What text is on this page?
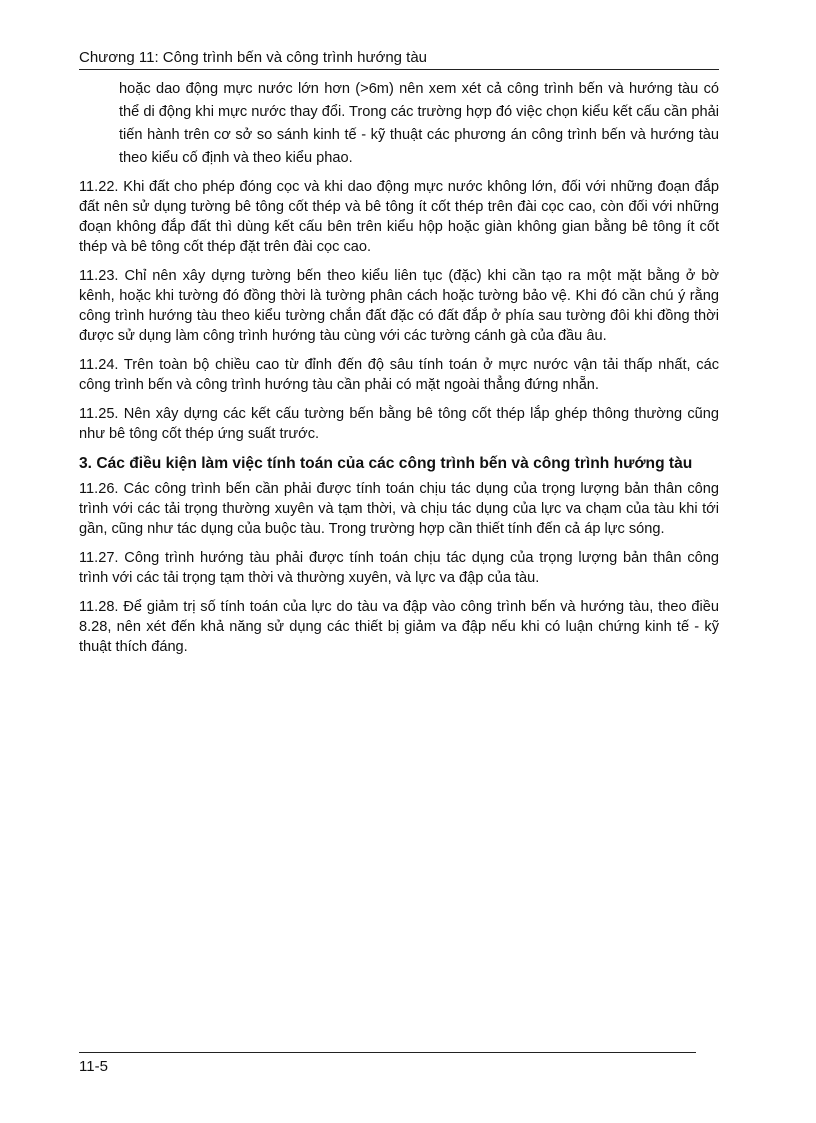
Chương 11: Công trình bến và công trình hướng tàu

hoặc dao động mực nước lớn hơn (>6m) nên xem xét cả công trình bến và hướng tàu có thể di động khi mực nước thay đổi. Trong các trường hợp đó việc chọn kiểu kết cấu cần phải tiến hành trên cơ sở so sánh kinh tế - kỹ thuật các phương án công trình bến và hướng tàu theo kiểu cố định và theo kiểu phao.

11.22. Khi đất cho phép đóng cọc và khi dao động mực nước không lớn, đối với những đoạn đắp đất nên sử dụng tường bê tông cốt thép và bê tông ít cốt thép trên đài cọc cao, còn đối với những đoạn không đắp đất thì dùng kết cấu bên trên kiểu hộp hoặc giàn không gian bằng bê tông ít cốt thép và bê tông cốt thép đặt trên đài cọc cao.

11.23. Chỉ nên xây dựng tường bến theo kiểu liên tục (đặc) khi cần tạo ra một mặt bằng ở bờ kênh, hoặc khi tường đó đồng thời là tường phân cách hoặc tường bảo vệ. Khi đó cần chú ý rằng công trình hướng tàu theo kiểu tường chắn đất đặc có đất đắp ở phía sau tường đôi khi đồng thời được sử dụng làm công trình hướng tàu cùng với các tường cánh gà của đầu âu.

11.24. Trên toàn bộ chiều cao từ đỉnh đến độ sâu tính toán ở mực nước vận tải thấp nhất, các công trình bến và công trình hướng tàu cần phải có mặt ngoài thẳng đứng nhẵn.

11.25. Nên xây dựng các kết cấu tường bến bằng bê tông cốt thép lắp ghép thông thường cũng như bê tông cốt thép ứng suất trước.

3. Các điều kiện làm việc tính toán của các công trình bến và công trình hướng tàu

11.26. Các công trình bến cần phải được tính toán chịu tác dụng của trọng lượng bản thân công trình với các tải trọng thường xuyên và tạm thời, và chịu tác dụng của lực va chạm của tàu khi tới gần, cũng như tác dụng của buộc tàu. Trong trường hợp cần thiết tính đến cả áp lực sóng.

11.27. Công trình hướng tàu phải được tính toán chịu tác dụng của trọng lượng bản thân công trình với các tải trọng tạm thời và thường xuyên, và lực va đập của tàu.

11.28. Để giảm trị số tính toán của lực do tàu va đập vào công trình bến và hướng tàu, theo điều 8.28, nên xét đến khả năng sử dụng các thiết bị giảm va đập nếu khi có luận chứng kinh tế - kỹ thuật thích đáng.

11-5
